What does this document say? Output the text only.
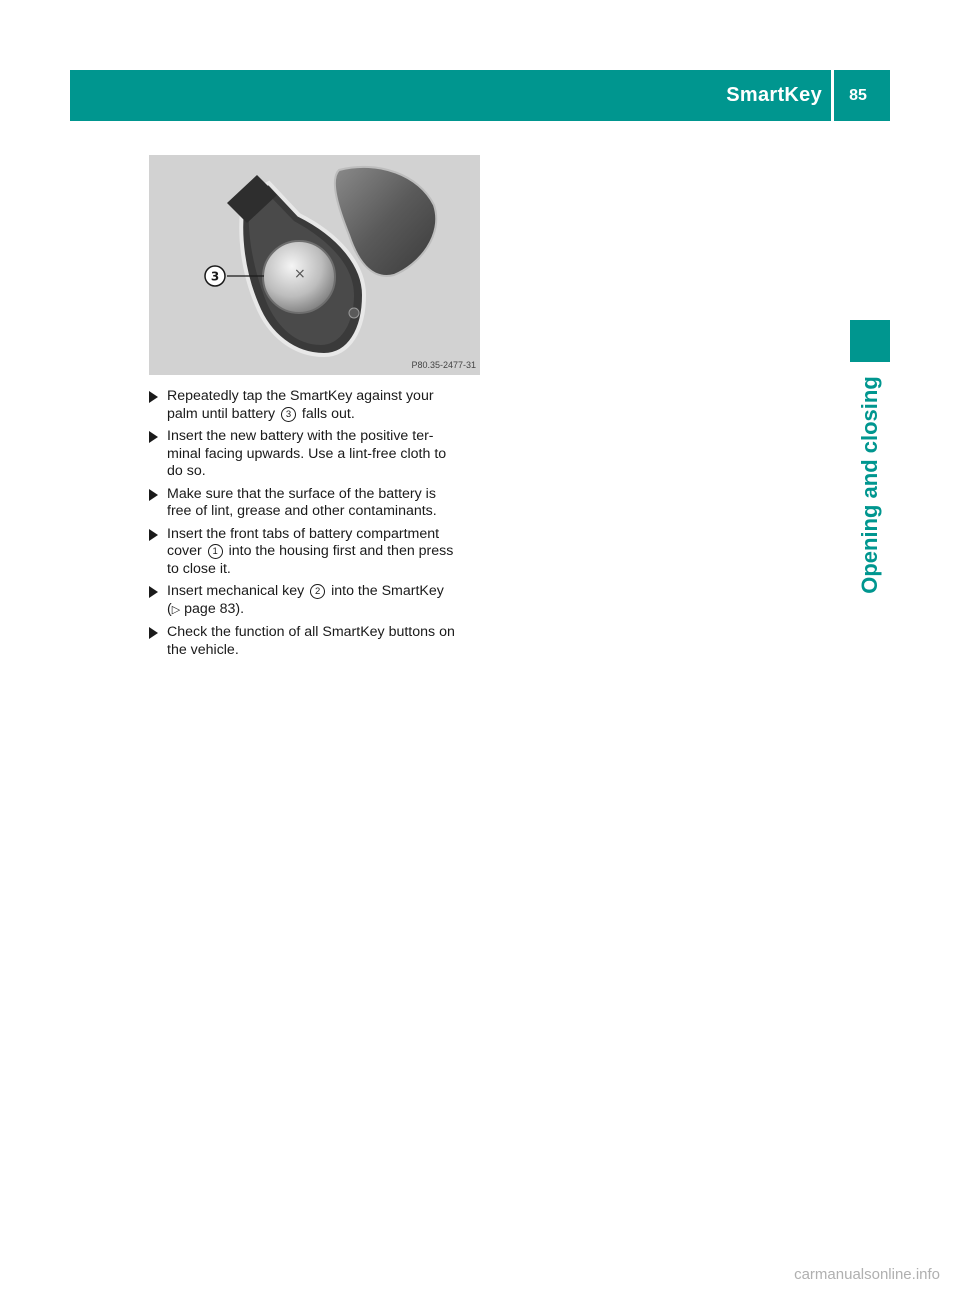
SmartKey	85
Opening and closing
×
3
P80.35-2477-31
Repeatedly tap the SmartKey against your
palm until battery 3 falls out.
Insert the new battery with the positive ter-
minal facing upwards. Use a lint-free cloth to
do so.
Make sure that the surface of the battery is
free of lint, grease and other contaminants.
Insert the front tabs of battery compartment
cover 1 into the housing first and then press
to close it.
Insert mechanical key 2 into the SmartKey
(▷ page 83).
Check the function of all SmartKey buttons on
the vehicle.
carmanualsonline.info
